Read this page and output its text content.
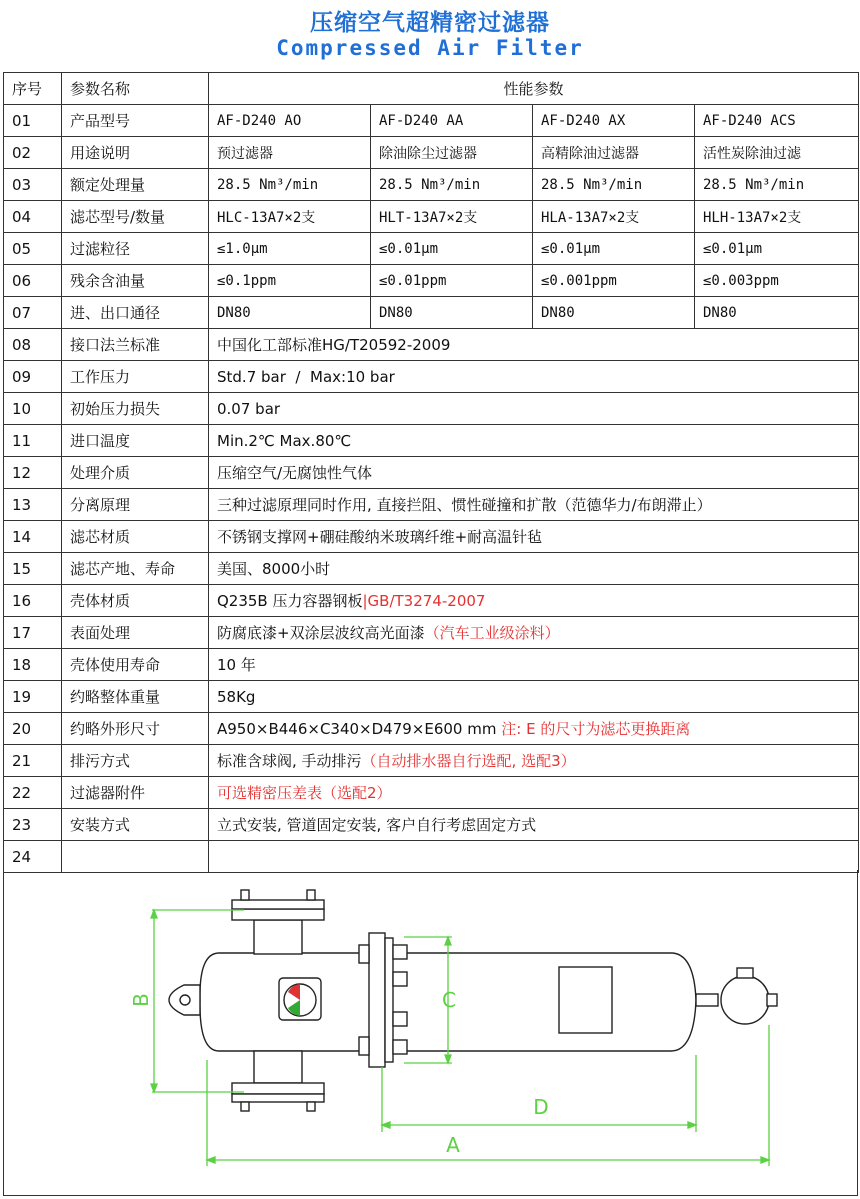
压缩空气超精密过滤器
Compressed Air Filter
序号	参数名称	性能参数			
01	产品型号	AF-D240 AO	AF-D240 AA	AF-D240 AX	AF-D240 ACS
02	用途说明	预过滤器	除油除尘过滤器	高精除油过滤器	活性炭除油过滤
03	额定处理量	28.5 Nm³/min	28.5 Nm³/min	28.5 Nm³/min	28.5 Nm³/min
04	滤芯型号/数量	HLC-13A7×2支	HLT-13A7×2支	HLA-13A7×2支	HLH-13A7×2支
05	过滤粒径	≤1.0μm	≤0.01μm	≤0.01μm	≤0.01μm
06	残余含油量	≤0.1ppm	≤0.01ppm	≤0.001ppm	≤0.003ppm
07	进、出口通径	DN80	DN80	DN80	DN80
08	接口法兰标准	中国化工部标准HG/T20592-2009			
09	工作压力	Std.7 bar  /  Max:10 bar			
10	初始压力损失	0.07 bar			
11	进口温度	Min.2℃ Max.80℃			
12	处理介质	压缩空气/无腐蚀性气体			
13	分离原理	三种过滤原理同时作用, 直接拦阻、惯性碰撞和扩散（范德华力/布朗滞止）			
14	滤芯材质	不锈钢支撑网+硼硅酸纳米玻璃纤维+耐高温针毡			
15	滤芯产地、寿命	美国、8000小时			
16	壳体材质	Q235B 压力容器钢板|GB/T3274-2007			
17	表面处理	防腐底漆+双涂层波纹高光面漆（汽车工业级涂料）			
18	壳体使用寿命	10 年			
19	约略整体重量	58Kg			
20	约略外形尺寸	A950×B446×C340×D479×E600 mm 注: E 的尺寸为滤芯更换距离			
21	排污方式	标准含球阀, 手动排污（自动排水器自行选配, 选配3）			
22	过滤器附件	可选精密压差表（选配2）			
23	安装方式	立式安装, 管道固定安装, 客户自行考虑固定方式			
24					
B	C
D
A
